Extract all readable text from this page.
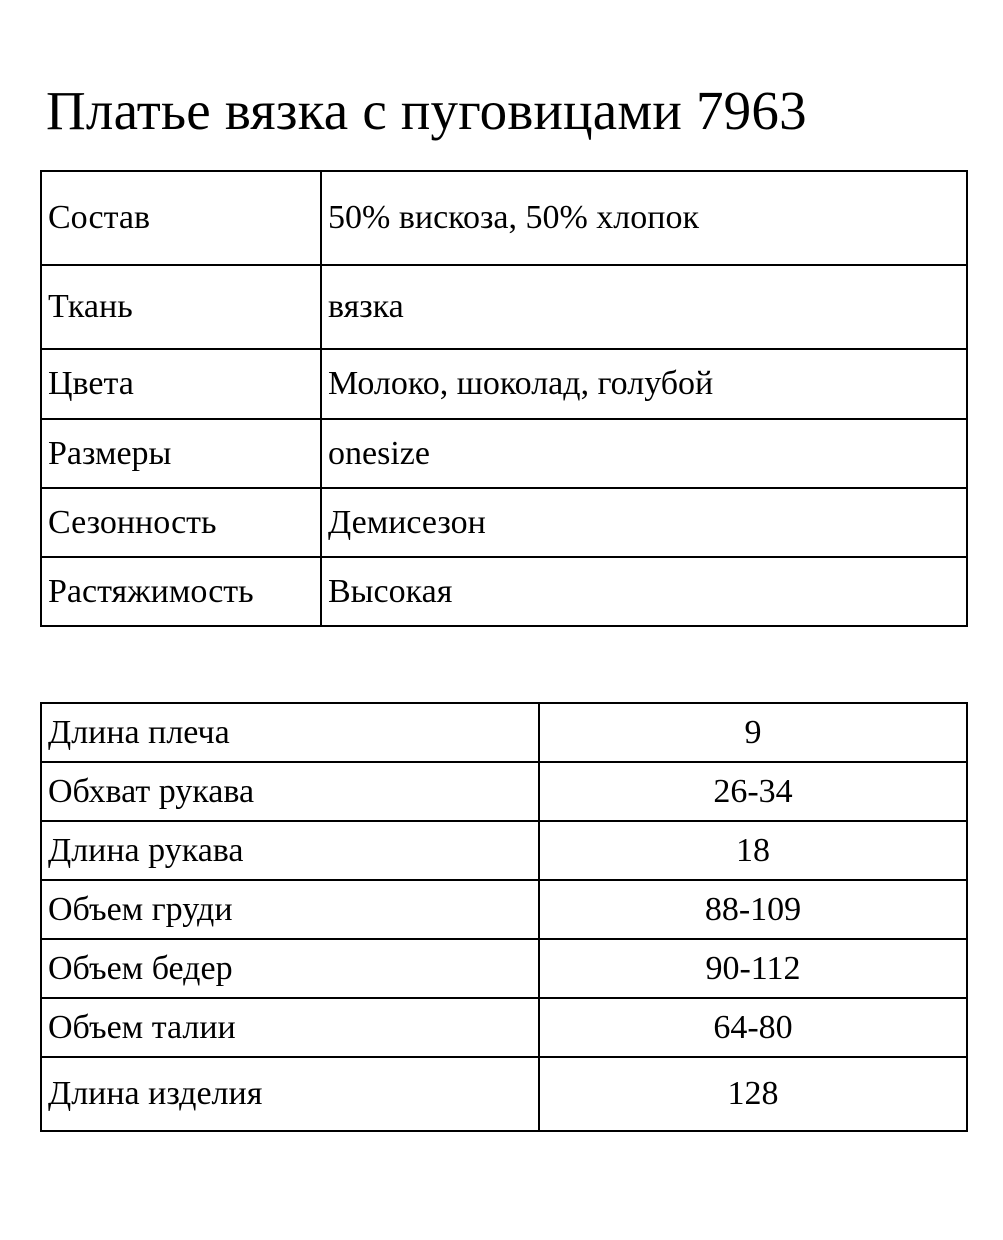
Платье вязка с пуговицами 7963
Состав	50% вискоза, 50% хлопок
Ткань	вязка
Цвета	Молоко, шоколад, голубой
Размеры	onesize
Сезонность	Демисезон
Растяжимость	Высокая
Длина плеча	9
Обхват рукава	26-34
Длина рукава	18
Объем груди	88-109
Объем бедер	90-112
Объем талии	64-80
Длина изделия	128
